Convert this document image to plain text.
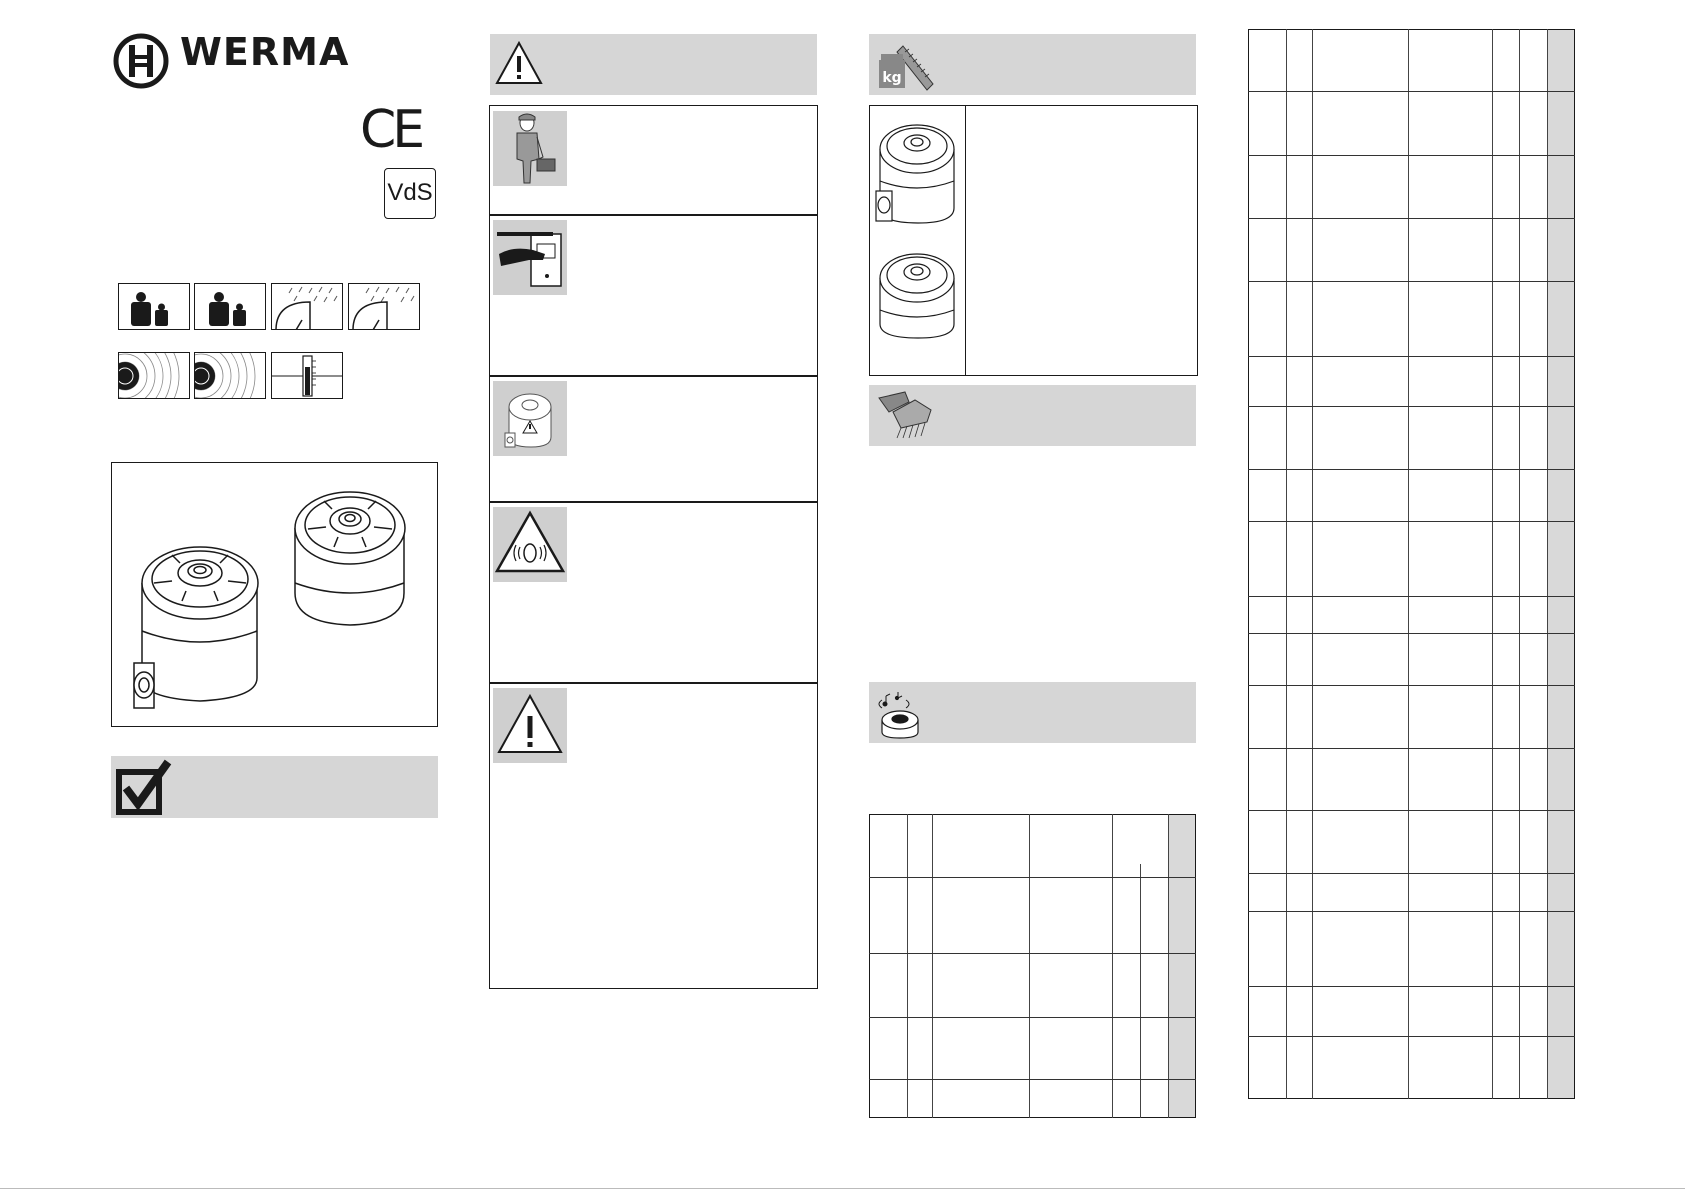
WERMA
CE
VdS
kg
